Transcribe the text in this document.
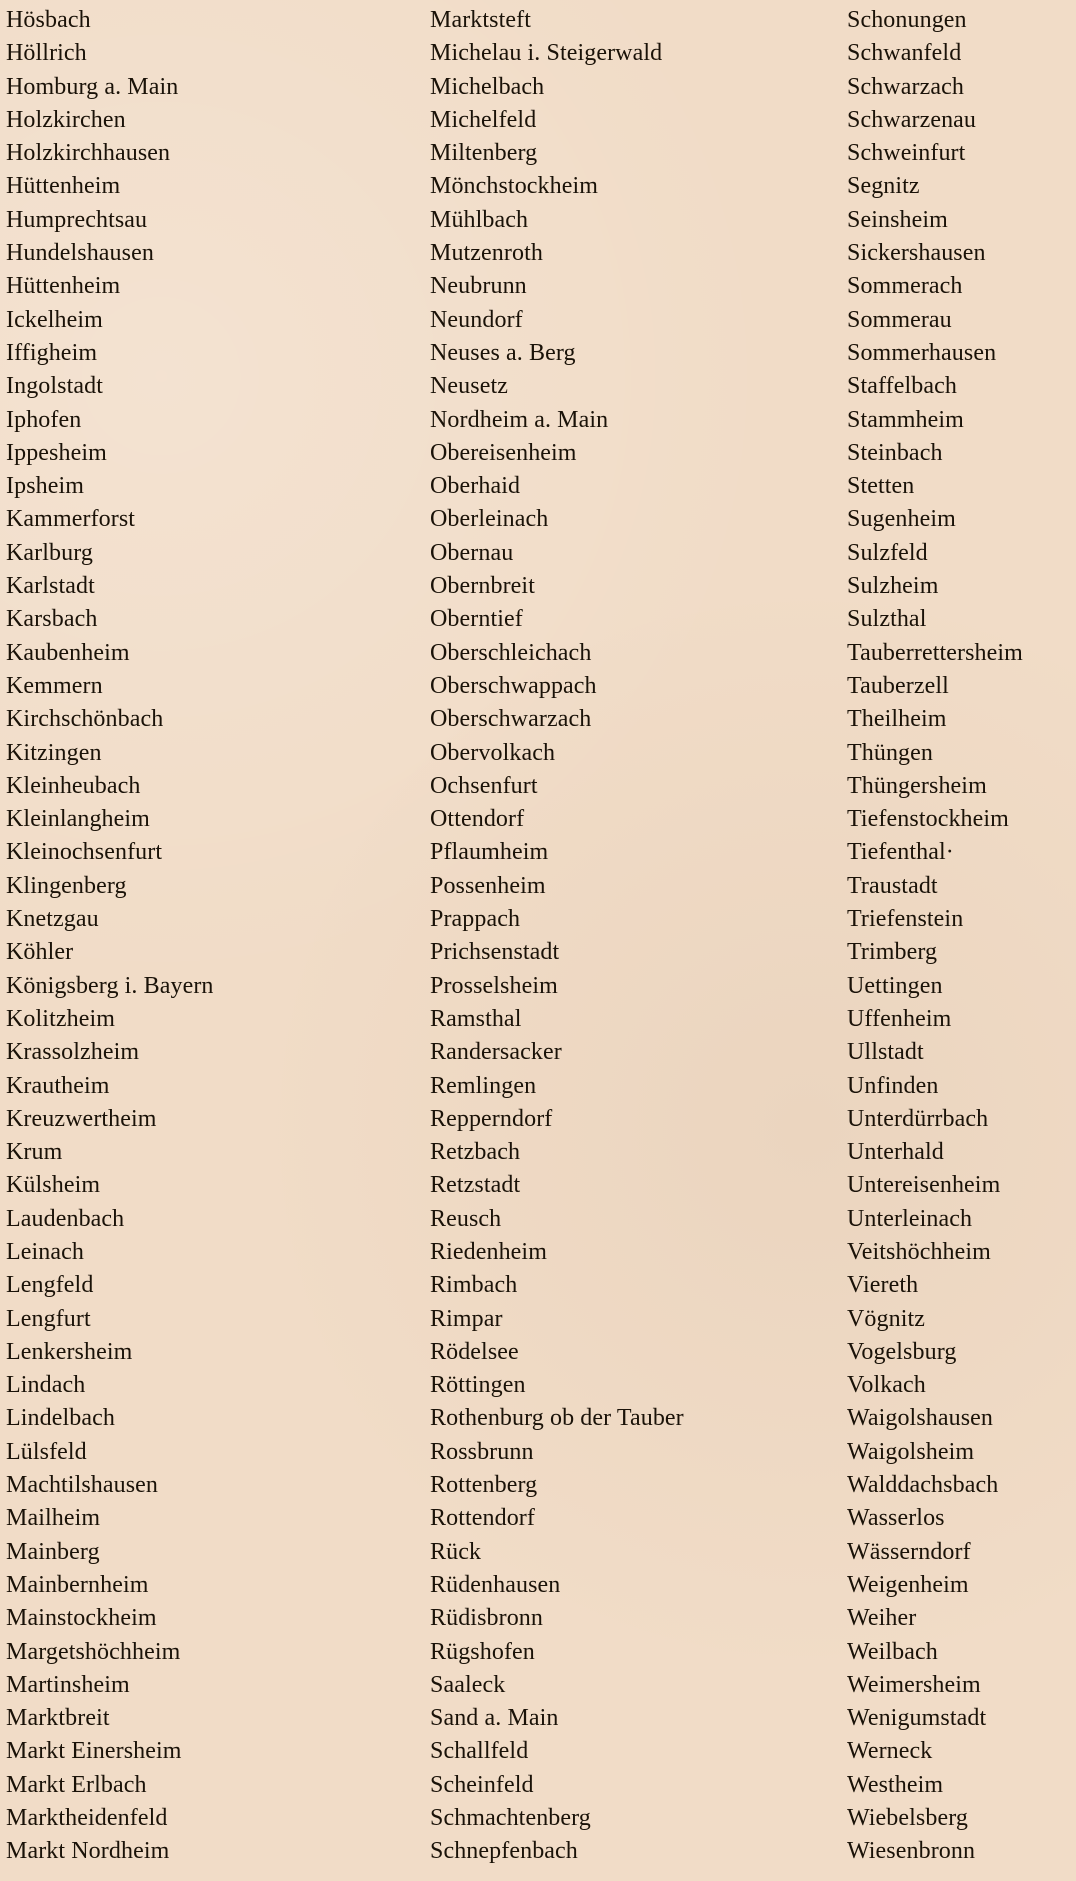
Hösbach
Höllrich
Homburg a. Main
Holzkirchen
Holzkirchhausen
Hüttenheim
Humprechtsau
Hundelshausen
Hüttenheim
Ickelheim
Iffigheim
Ingolstadt
Iphofen
Ippesheim
Ipsheim
Kammerforst
Karlburg
Karlstadt
Karsbach
Kaubenheim
Kemmern
Kirchschönbach
Kitzingen
Kleinheubach
Kleinlangheim
Kleinochsenfurt
Klingenberg
Knetzgau
Köhler
Königsberg i. Bayern
Kolitzheim
Krassolzheim
Krautheim
Kreuzwertheim
Krum
Külsheim
Laudenbach
Leinach
Lengfeld
Lengfurt
Lenkersheim
Lindach
Lindelbach
Lülsfeld
Machtilshausen
Mailheim
Mainberg
Mainbernheim
Mainstockheim
Margetshöchheim
Martinsheim
Marktbreit
Markt Einersheim
Markt Erlbach
Marktheidenfeld
Markt Nordheim
Marktsteft
Michelau i. Steigerwald
Michelbach
Michelfeld
Miltenberg
Mönchstockheim
Mühlbach
Mutzenroth
Neubrunn
Neundorf
Neuses a. Berg
Neusetz
Nordheim a. Main
Obereisenheim
Oberhaid
Oberleinach
Obernau
Obernbreit
Oberntief
Oberschleichach
Oberschwappach
Oberschwarzach
Obervolkach
Ochsenfurt
Ottendorf
Pflaumheim
Possenheim
Prappach
Prichsenstadt
Prosselsheim
Ramsthal
Randersacker
Remlingen
Repperndorf
Retzbach
Retzstadt
Reusch
Riedenheim
Rimbach
Rimpar
Rödelsee
Röttingen
Rothenburg ob der Tauber
Rossbrunn
Rottenberg
Rottendorf
Rück
Rüdenhausen
Rüdisbronn
Rügshofen
Saaleck
Sand a. Main
Schallfeld
Scheinfeld
Schmachtenberg
Schnepfenbach
Schonungen
Schwanfeld
Schwarzach
Schwarzenau
Schweinfurt
Segnitz
Seinsheim
Sickershausen
Sommerach
Sommerau
Sommerhausen
Staffelbach
Stammheim
Steinbach
Stetten
Sugenheim
Sulzfeld
Sulzheim
Sulzthal
Tauberrettersheim
Tauberzell
Theilheim
Thüngen
Thüngersheim
Tiefenstockheim
Tiefenthal·
Traustadt
Triefenstein
Trimberg
Uettingen
Uffenheim
Ullstadt
Unfinden
Unterdürrbach
Unterhald
Untereisenheim
Unterleinach
Veitshöchheim
Viereth
Vögnitz
Vogelsburg
Volkach
Waigolshausen
Waigolsheim
Walddachsbach
Wasserlos
Wässerndorf
Weigenheim
Weiher
Weilbach
Weimersheim
Wenigumstadt
Werneck
Westheim
Wiebelsberg
Wiesenbronn
